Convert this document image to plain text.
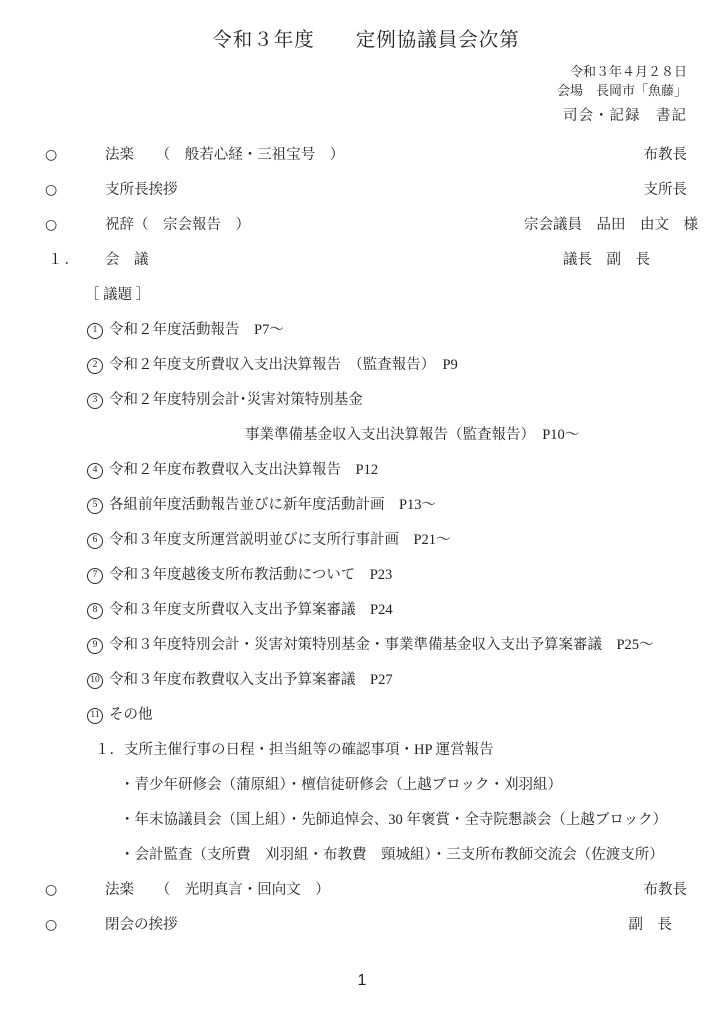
令和３年度　　定例協議員会次第
令和３年４月２８日
会場　長岡市「魚藤」
司会・記録　書記
○	法楽　　（　般若心経・三祖宝号　）	布教長
○	支所長挨拶	支所長
○	祝辞（　宗会報告　）	宗会議員　品田　由文　様
１．	会　議	議長　副　長
［ 議題 ］
1 令和２年度活動報告　P7～
2 令和２年度支所費収入支出決算報告　（監査報告）　P9
3 令和２年度特別会計･災害対策特別基金
事業準備基金収入支出決算報告（監査報告）　P10～
4 令和２年度布教費収入支出決算報告　P12
5 各組前年度活動報告並びに新年度活動計画　P13～
6 令和３年度支所運営説明並びに支所行事計画　P21～
7 令和３年度越後支所布教活動について　P23
8 令和３年度支所費収入支出予算案審議　P24
9 令和３年度特別会計・災害対策特別基金・事業準備基金収入支出予算案審議　P25～
10 令和３年度布教費収入支出予算案審議　P27
11 その他
１．支所主催行事の日程・担当組等の確認事項・HP 運営報告
・青少年研修会（蒲原組）・檀信徒研修会（上越ブロック・刈羽組）
・年末協議員会（国上組）・先師追悼会、30 年褒賞・全寺院懇談会（上越ブロック）
・会計監査（支所費　刈羽組・布教費　頸城組）・三支所布教師交流会（佐渡支所）
○	法楽　　（　光明真言・回向文　）	布教長
○	閉会の挨拶	副　長
1
